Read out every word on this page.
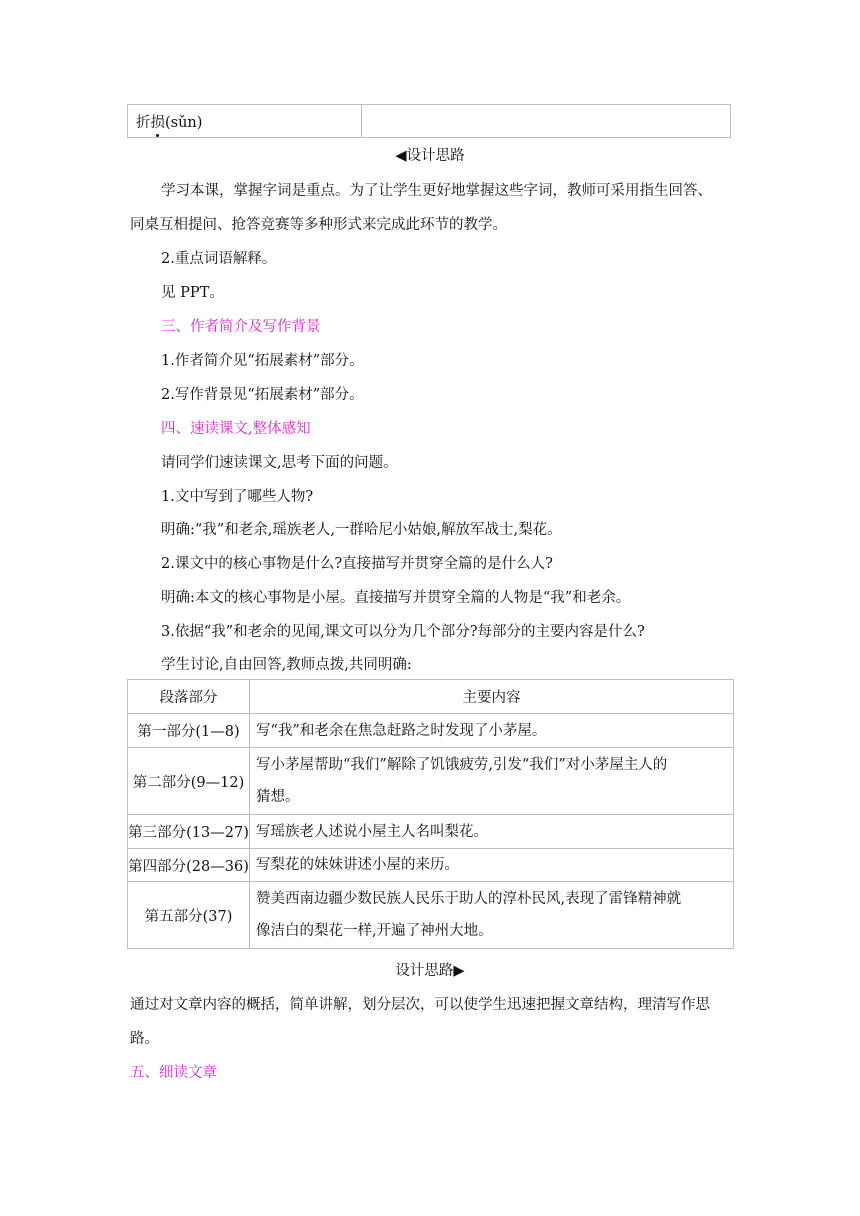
折损(sǔn)	
◀设计思路
学习本课，掌握字词是重点。为了让学生更好地掌握这些字词，教师可采用指生回答、
同桌互相提问、抢答竞赛等多种形式来完成此环节的教学。
2.重点词语解释。
见 PPT。
三、作者简介及写作背景
1.作者简介见“拓展素材”部分。
2.写作背景见“拓展素材”部分。
四、速读课文,整体感知
请同学们速读课文,思考下面的问题。
1.文中写到了哪些人物?
明确:“我”和老余,瑶族老人,一群哈尼小姑娘,解放军战士,梨花。
2.课文中的核心事物是什么?直接描写并贯穿全篇的是什么人?
明确:本文的核心事物是小屋。直接描写并贯穿全篇的人物是“我”和老余。
3.依据“我”和老余的见闻,课文可以分为几个部分?每部分的主要内容是什么?
学生讨论,自由回答,教师点拨,共同明确:
段落部分	主要内容
第一部分(1—8)	写“我”和老余在焦急赶路之时发现了小茅屋。
第二部分(9—12)	写小茅屋帮助“我们”解除了饥饿疲劳,引发“我们”对小茅屋主人的
猜想。

第三部分(13—27)	写瑶族老人述说小屋主人名叫梨花。
第四部分(28—36)	写梨花的妹妹讲述小屋的来历。
第五部分(37)	赞美西南边疆少数民族人民乐于助人的淳朴民风,表现了雷锋精神就
像洁白的梨花一样,开遍了神州大地。
设计思路▶
通过对文章内容的概括，简单讲解，划分层次，可以使学生迅速把握文章结构，理清写作思
路。
五、细读文章
